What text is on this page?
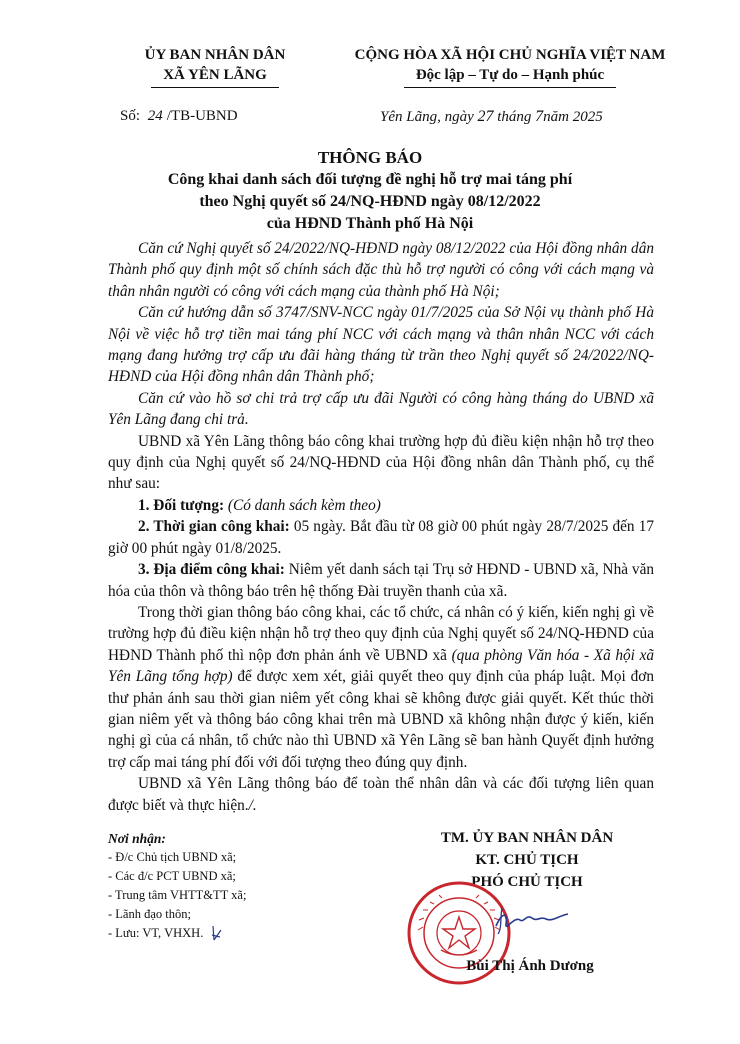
ỦY BAN NHÂN DÂN
XÃ YÊN LÃNG
CỘNG HÒA XÃ HỘI CHỦ NGHĨA VIỆT NAM
Độc lập – Tự do – Hạnh phúc
Số: 24 /TB-UBND	Yên Lãng, ngày 27 tháng 7năm 2025
THÔNG BÁO
Công khai danh sách đối tượng đề nghị hỗ trợ mai táng phí
theo Nghị quyết số 24/NQ-HĐND ngày 08/12/2022
của HĐND Thành phố Hà Nội

Căn cứ Nghị quyết số 24/2022/NQ-HĐND ngày 08/12/2022 của Hội đồng nhân dân Thành phố quy định một số chính sách đặc thù hỗ trợ người có công với cách mạng và thân nhân người có công với cách mạng của thành phố Hà Nội;

Căn cứ hướng dẫn số 3747/SNV-NCC ngày 01/7/2025 của Sở Nội vụ thành phố Hà Nội về việc hỗ trợ tiền mai táng phí NCC với cách mạng và thân nhân NCC với cách mạng đang hưởng trợ cấp ưu đãi hàng tháng từ trần theo Nghị quyết số 24/2022/NQ-HĐND của Hội đồng nhân dân Thành phố;

Căn cứ vào hồ sơ chi trả trợ cấp ưu đãi Người có công hàng tháng do UBND xã Yên Lãng đang chi trả.

UBND xã Yên Lãng thông báo công khai trường hợp đủ điều kiện nhận hỗ trợ theo quy định của Nghị quyết số 24/NQ-HĐND của Hội đồng nhân dân Thành phố, cụ thể như sau:

1. Đối tượng: (Có danh sách kèm theo)

2. Thời gian công khai: 05 ngày. Bắt đầu từ 08 giờ 00 phút ngày 28/7/2025 đến 17 giờ 00 phút ngày 01/8/2025.

3. Địa điểm công khai: Niêm yết danh sách tại Trụ sở HĐND - UBND xã, Nhà văn hóa của thôn và thông báo trên hệ thống Đài truyền thanh của xã.

Trong thời gian thông báo công khai, các tổ chức, cá nhân có ý kiến, kiến nghị gì về trường hợp đủ điều kiện nhận hỗ trợ theo quy định của Nghị quyết số 24/NQ-HĐND của HĐND Thành phố thì nộp đơn phản ánh về UBND xã (qua phòng Văn hóa - Xã hội xã Yên Lãng tổng hợp) để được xem xét, giải quyết theo quy định của pháp luật. Mọi đơn thư phản ánh sau thời gian niêm yết công khai sẽ không được giải quyết. Kết thúc thời gian niêm yết và thông báo công khai trên mà UBND xã không nhận được ý kiến, kiến nghị gì của cá nhân, tổ chức nào thì UBND xã Yên Lãng sẽ ban hành Quyết định hưởng trợ cấp mai táng phí đối với đối tượng theo đúng quy định.

UBND xã Yên Lãng thông báo để toàn thể nhân dân và các đối tượng liên quan được biết và thực hiện./.

Nơi nhận:
- Đ/c Chủ tịch UBND xã;
- Các đ/c PCT UBND xã;
- Trung tâm VHTT&TT xã;
- Lãnh đạo thôn;
- Lưu: VT, VHXH.
TM. ỦY BAN NHÂN DÂN
KT. CHỦ TỊCH
PHÓ CHỦ TỊCH
Bùi Thị Ánh Dương
